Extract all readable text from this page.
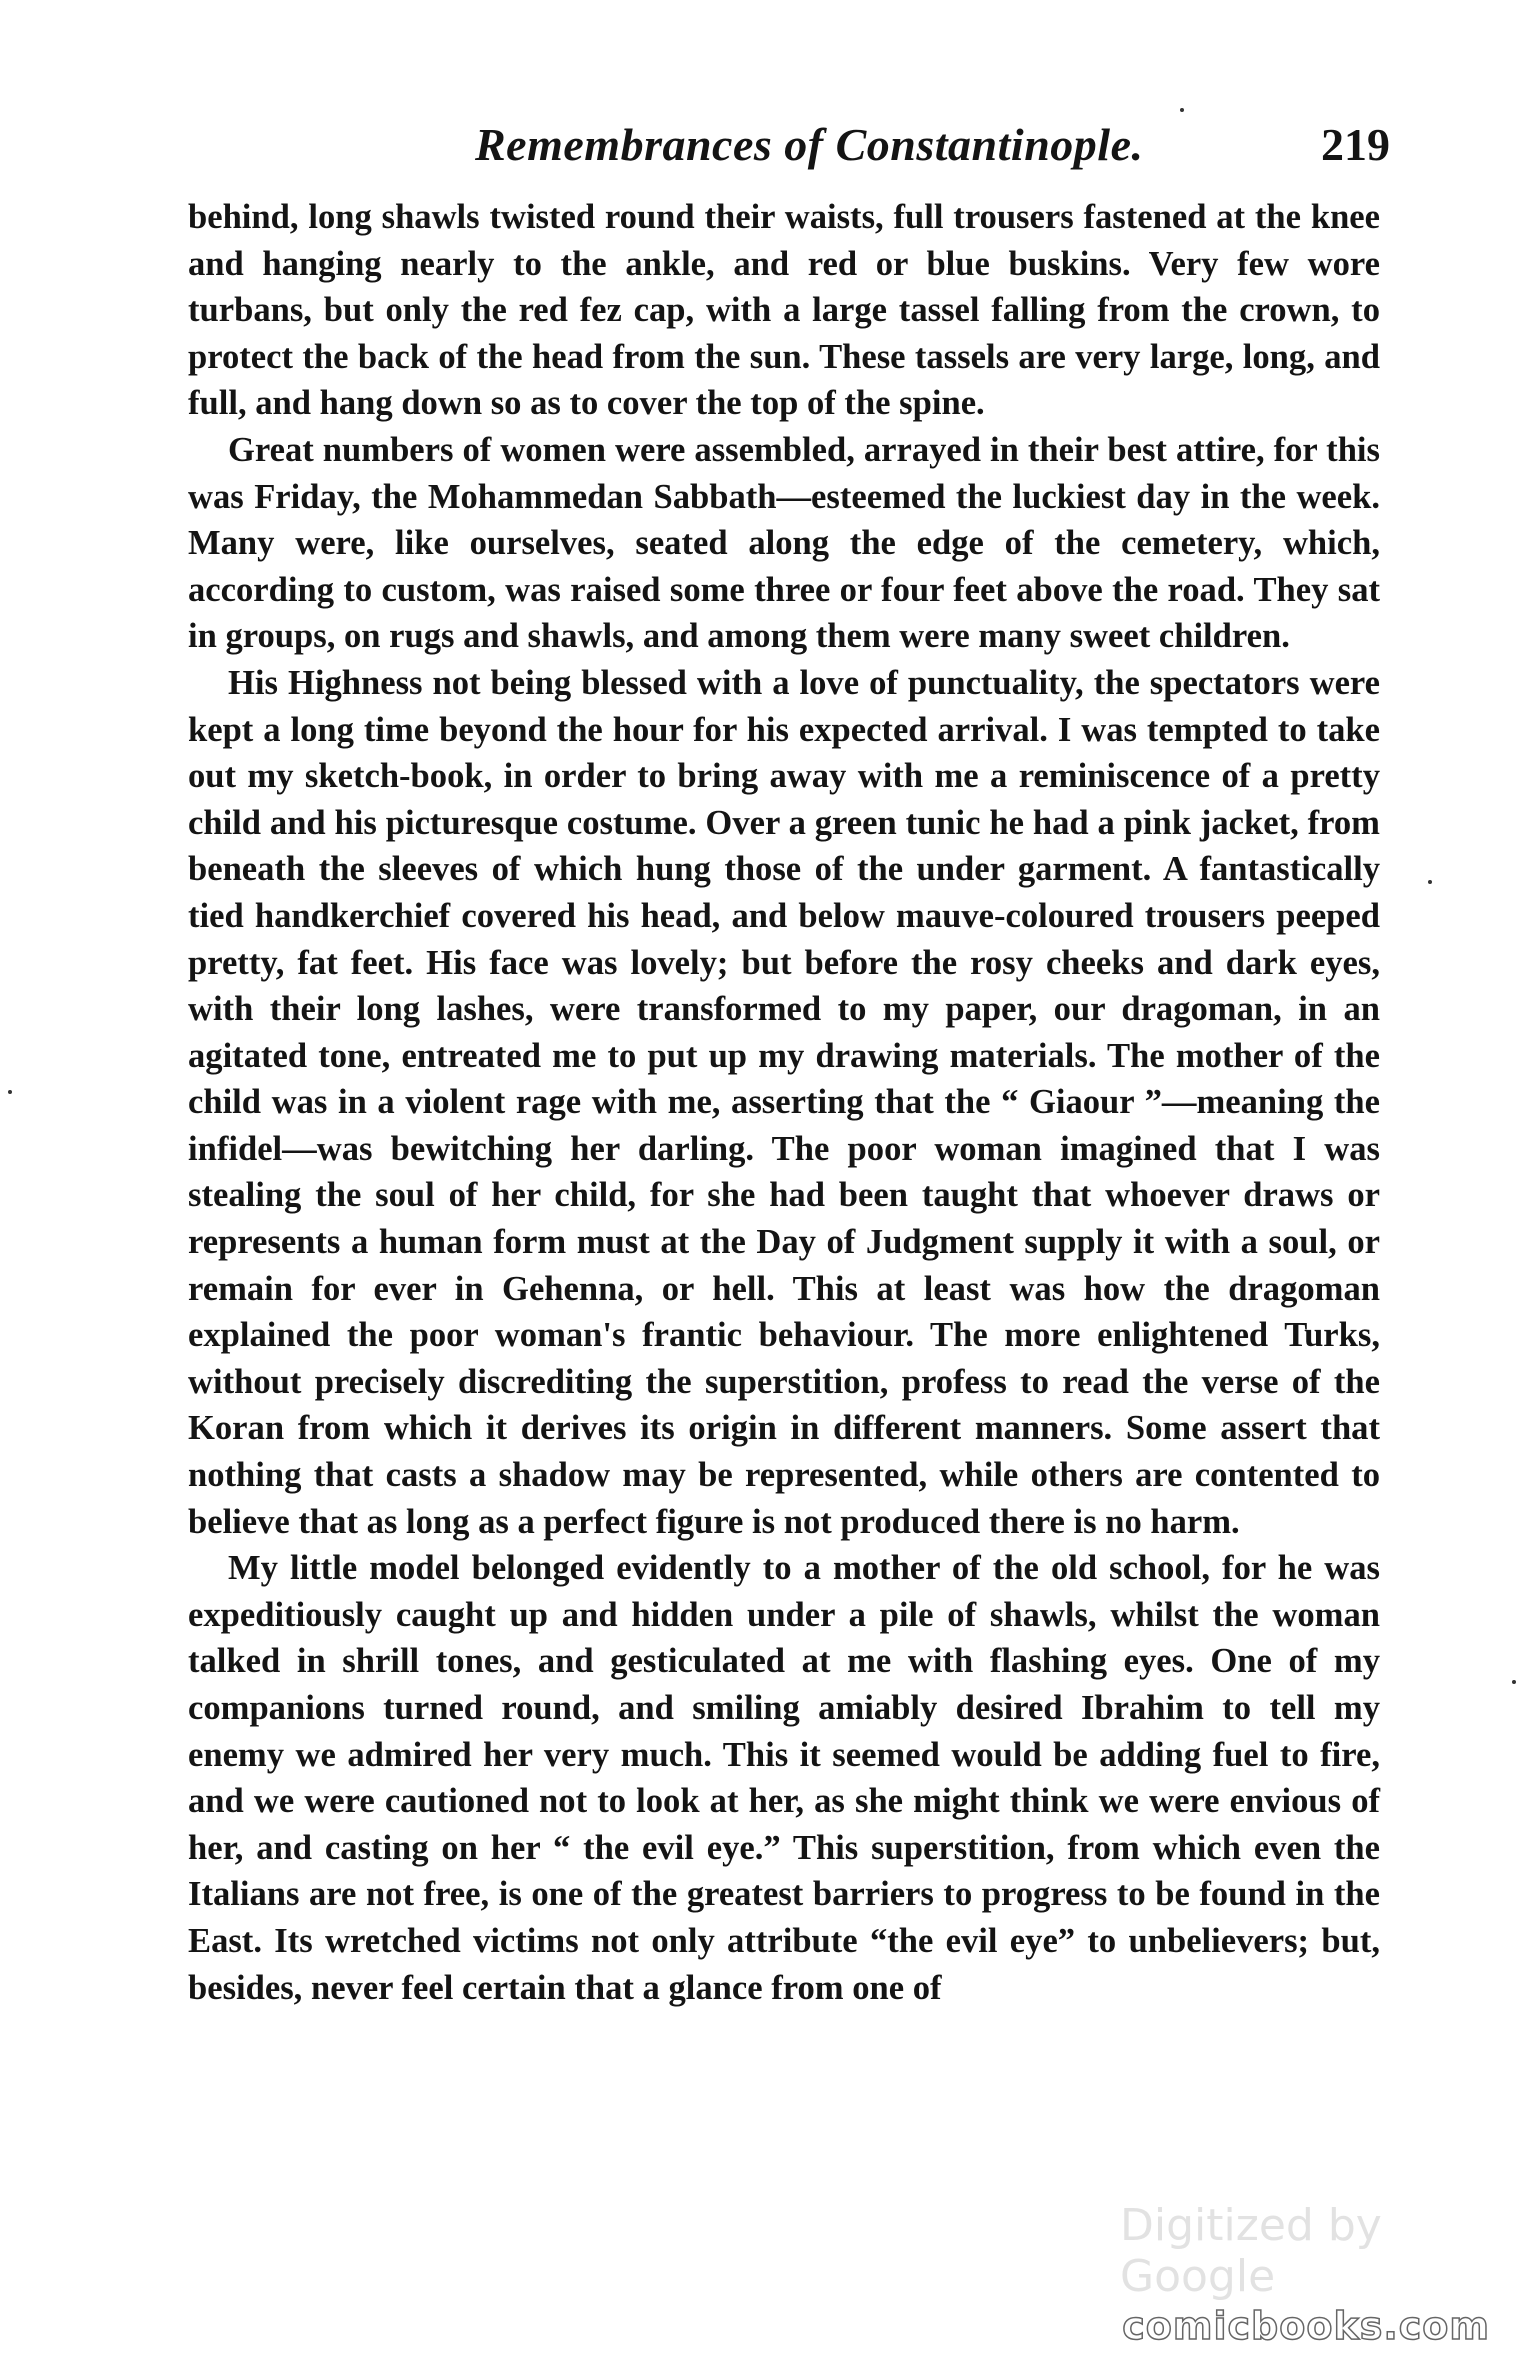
Remembrances of Constantinople.	219

behind, long shawls twisted round their waists, full trousers fastened at the knee and hanging nearly to the ankle, and red or blue buskins. Very few wore turbans, but only the red fez cap, with a large tassel falling from the crown, to protect the back of the head from the sun. These tassels are very large, long, and full, and hang down so as to cover the top of the spine.

Great numbers of women were assembled, arrayed in their best attire, for this was Friday, the Mohammedan Sabbath—esteemed the luckiest day in the week. Many were, like ourselves, seated along the edge of the cemetery, which, according to custom, was raised some three or four feet above the road. They sat in groups, on rugs and shawls, and among them were many sweet children.

His Highness not being blessed with a love of punctuality, the spectators were kept a long time beyond the hour for his expected arrival. I was tempted to take out my sketch-book, in order to bring away with me a reminiscence of a pretty child and his picturesque costume. Over a green tunic he had a pink jacket, from beneath the sleeves of which hung those of the under garment. A fantastically tied handkerchief covered his head, and below mauve-coloured trousers peeped pretty, fat feet. His face was lovely; but before the rosy cheeks and dark eyes, with their long lashes, were transformed to my paper, our dragoman, in an agitated tone, entreated me to put up my drawing materials. The mother of the child was in a violent rage with me, asserting that the “ Giaour ”—meaning the infidel—was bewitching her darling. The poor woman imagined that I was stealing the soul of her child, for she had been taught that whoever draws or represents a human form must at the Day of Judgment supply it with a soul, or remain for ever in Gehenna, or hell. This at least was how the dragoman explained the poor woman's frantic behaviour. The more enlightened Turks, without precisely discrediting the superstition, profess to read the verse of the Koran from which it derives its origin in different manners. Some assert that nothing that casts a shadow may be represented, while others are contented to believe that as long as a perfect figure is not produced there is no harm.

My little model belonged evidently to a mother of the old school, for he was expeditiously caught up and hidden under a pile of shawls, whilst the woman talked in shrill tones, and gesticulated at me with flashing eyes. One of my companions turned round, and smiling amiably desired Ibrahim to tell my enemy we admired her very much. This it seemed would be adding fuel to fire, and we were cautioned not to look at her, as she might think we were envious of her, and casting on her “ the evil eye.” This superstition, from which even the Italians are not free, is one of the greatest barriers to progress to be found in the East. Its wretched victims not only attribute “the evil eye” to unbelievers; but, besides, never feel certain that a glance from one of

Digitized by Google
comicbooks.com
